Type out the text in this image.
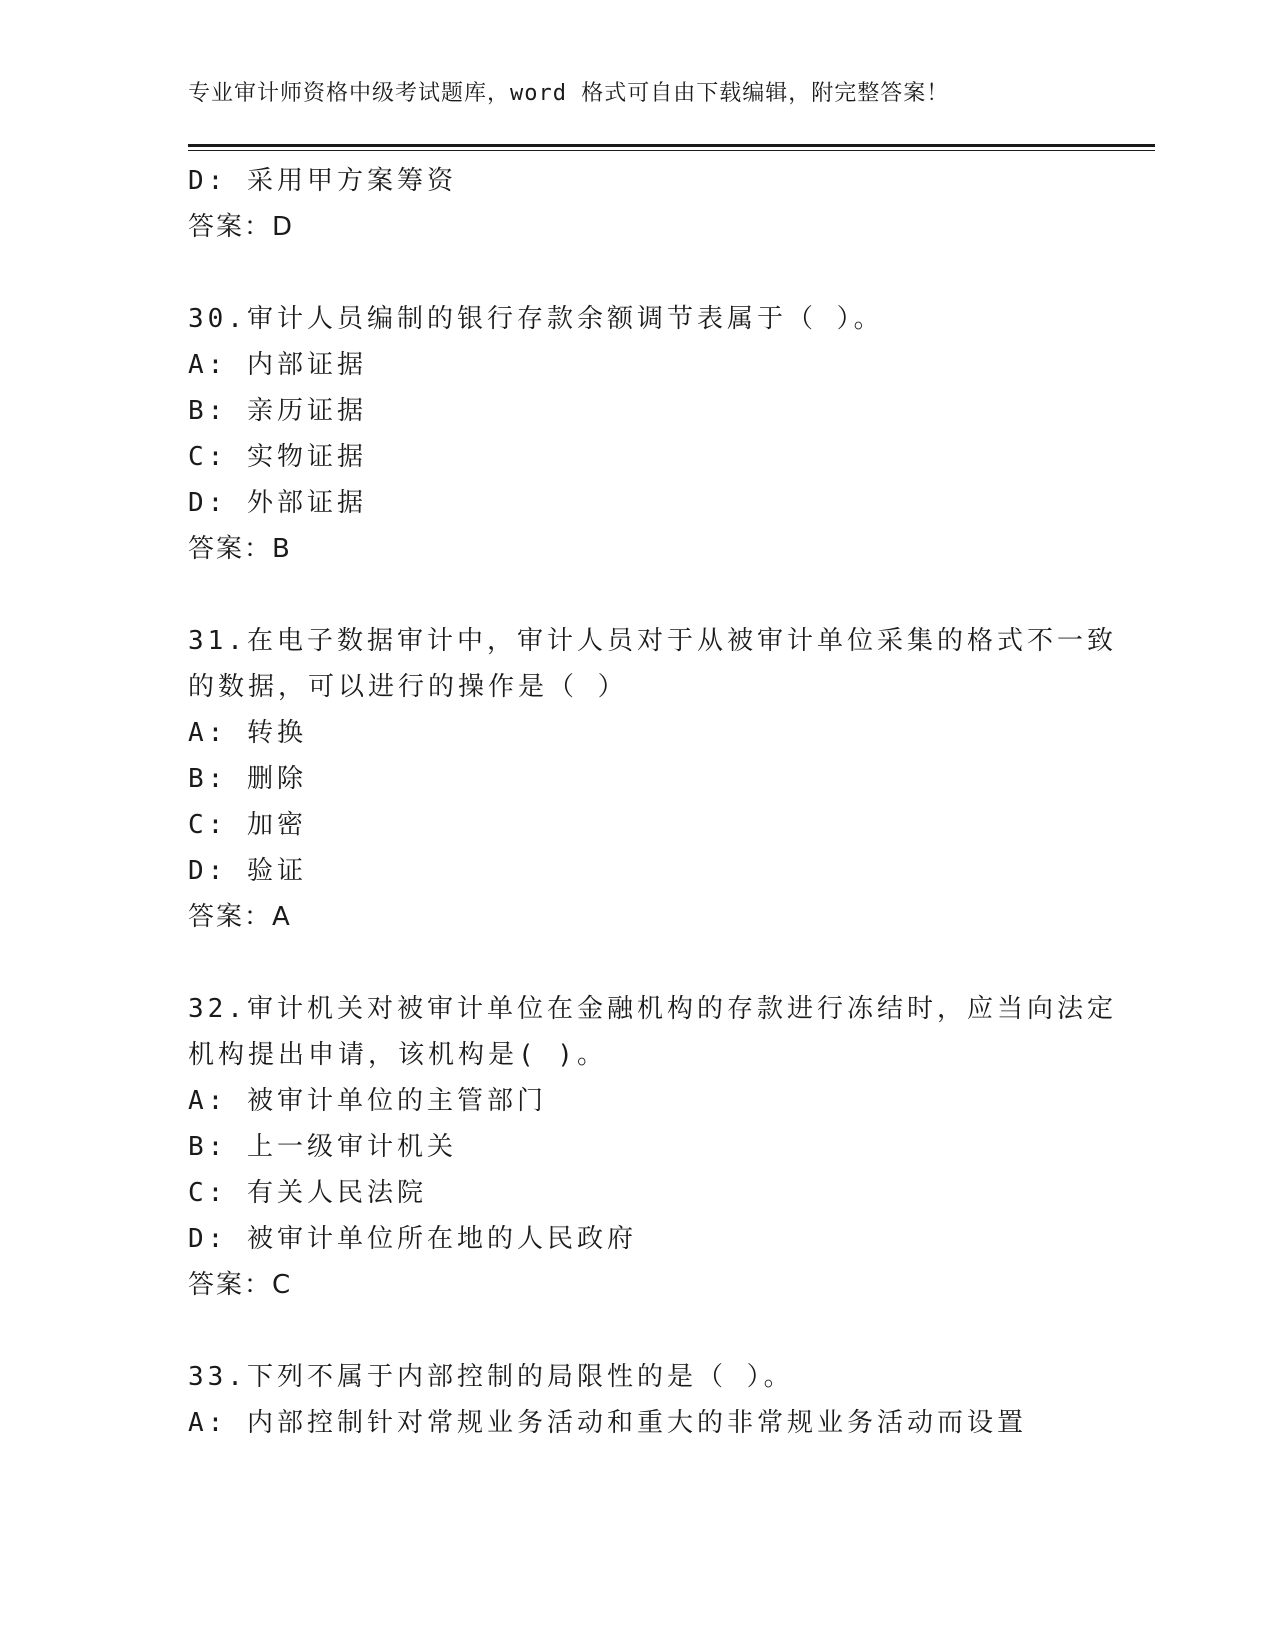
专业审计师资格中级考试题库，word 格式可自由下载编辑，附完整答案！
D: 采用甲方案筹资
答案：D
30.审计人员编制的银行存款余额调节表属于（ ）。
A: 内部证据
B: 亲历证据
C: 实物证据
D: 外部证据
答案：B
31.在电子数据审计中，审计人员对于从被审计单位采集的格式不一致
的数据，可以进行的操作是（ ）
A: 转换
B: 删除
C: 加密
D: 验证
答案：A
32.审计机关对被审计单位在金融机构的存款进行冻结时，应当向法定
机构提出申请，该机构是( )。
A: 被审计单位的主管部门
B: 上一级审计机关
C: 有关人民法院
D: 被审计单位所在地的人民政府
答案：C
33.下列不属于内部控制的局限性的是（ ）。
A: 内部控制针对常规业务活动和重大的非常规业务活动而设置
